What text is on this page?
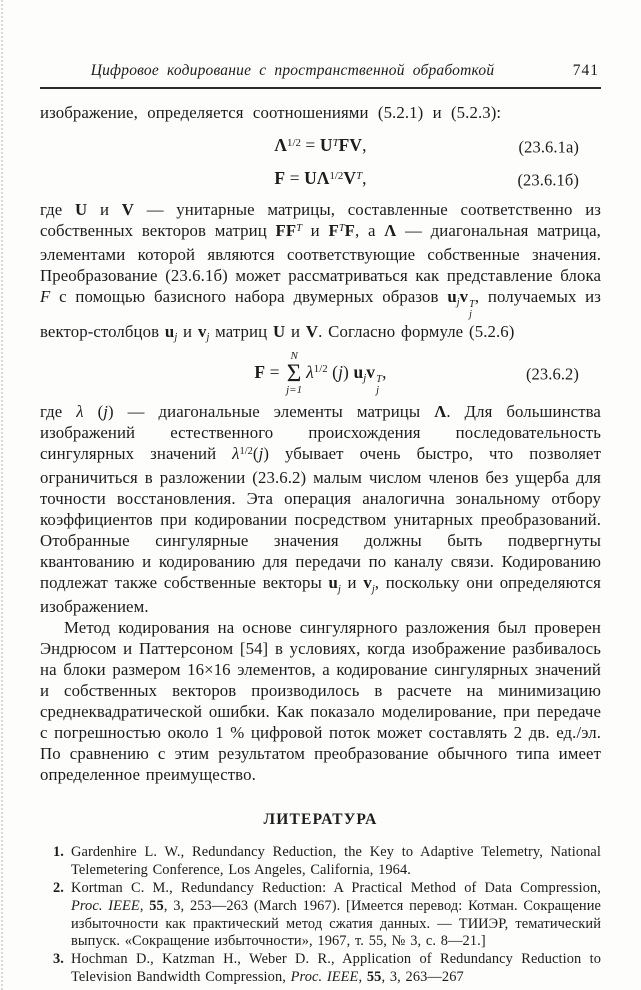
Цифровое кодирование с пространственной обработкой	741

изображение, определяется соотношениями (5.2.1) и (5.2.3):

$\Lambda^{1/2} = U^TFV$,	(23.6.1а)
$F = U\Lambda^{1/2}V^T$,	(23.6.1б)

где U и V — унитарные матрицы, составленные соответственно из собственных векторов матриц $FF^T$ и $F^TF$, а Λ — диагональная матрица, элементами которой являются соответствующие собственные значения. Преобразование (23.6.1б) может рассматриваться как представление блока F с помощью базисного набора двумерных образов ujv T
j
, получаемых из вектор-столбцов uj и vj матриц U и V. Согласно формуле (5.2.6)

F =
N
Σ
j=1
$\lambda^{1/2}$ (j) ujv T
j
,	(23.6.2)

где λ (j) — диагональные элементы матрицы Λ. Для большинства изображений естественного происхождения последовательность сингулярных значений $\lambda^{1/2}(j)$ убывает очень быстро, что позволяет ограничиться в разложении (23.6.2) малым числом членов без ущерба для точности восстановления. Эта операция аналогична зональному отбору коэффициентов при кодировании посредством унитарных преобразований. Отобранные сингулярные значения должны быть подвергнуты квантованию и кодированию для передачи по каналу связи. Кодированию подлежат также собственные векторы uj и vj, поскольку они определяются изображением.

Метод кодирования на основе сингулярного разложения был проверен Эндрюсом и Паттерсоном [54] в условиях, когда изображение разбивалось на блоки размером 16×16 элементов, а кодирование сингулярных значений и собственных векторов производилось в расчете на минимизацию среднеквадратической ошибки. Как показало моделирование, при передаче с погрешностью около 1 % цифровой поток может составлять 2 дв. ед./эл. По сравнению с этим результатом преобразование обычного типа имеет определенное преимущество.

ЛИТЕРАТУРА
1. Gardenhire L. W., Redundancy Reduction, the Key to Adaptive Telemetry, National Telemetering Conference, Los Angeles, California, 1964.
2. Kortman C. M., Redundancy Reduction: A Practical Method of Data Compression, Proc. IEEE, 55, 3, 253—263 (March 1967). [Имеется перевод: Котман. Сокращение избыточности как практический метод сжатия данных. — ТИИЭР, тематический выпуск. «Сокращение избыточности», 1967, т. 55, № 3, с. 8—21.]
3. Hochman D., Katzman H., Weber D. R., Application of Redundancy Reduction to Television Bandwidth Compression, Proc. IEEE, 55, 3, 263—267
